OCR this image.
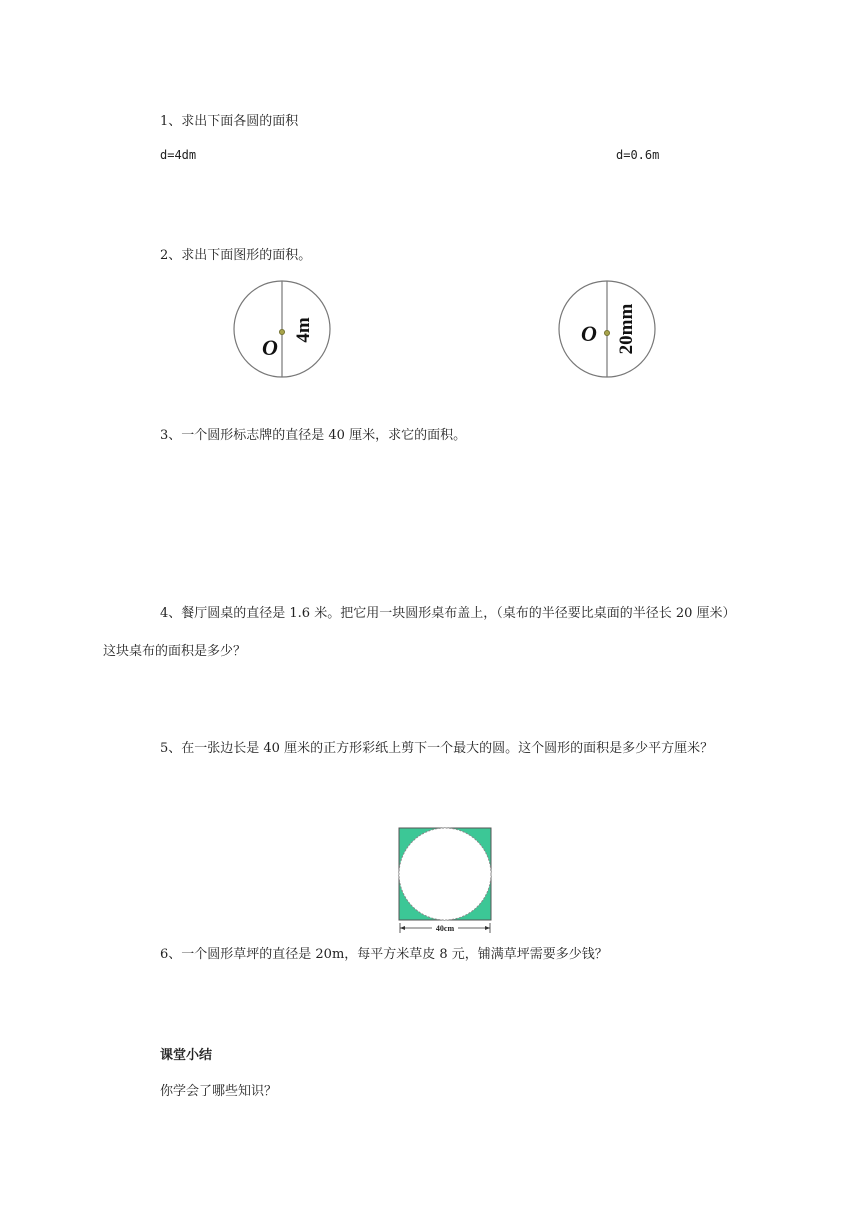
1、求出下面各圆的面积
d=4dm	d=0.6m
2、求出下面图形的面积。
O
4m	O 20mm
3、一个圆形标志牌的直径是 40 厘米，求它的面积。
4、餐厅圆桌的直径是 1.6 米。把它用一块圆形桌布盖上，（桌布的半径要比桌面的半径长 20 厘米）这块桌布的面积是多少？
5、在一张边长是 40 厘米的正方形彩纸上剪下一个最大的圆。这个圆形的面积是多少平方厘米？
40cm
6、一个圆形草坪的直径是 20m，每平方米草皮 8 元，铺满草坪需要多少钱？
课堂小结
你学会了哪些知识？
